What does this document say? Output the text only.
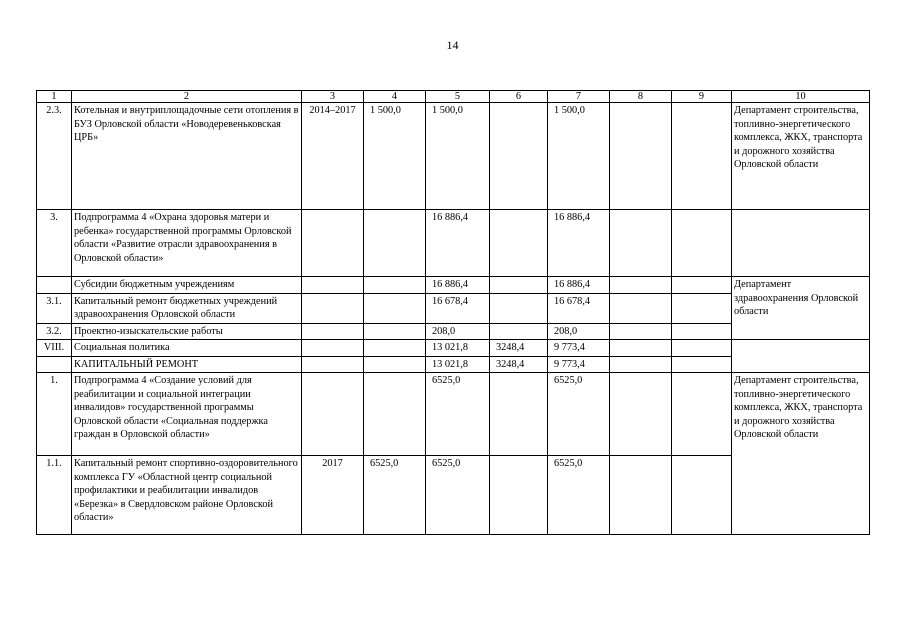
14
1	2	3	4	5	6	7	8	9	10
2.3.	Котельная и внутриплощадочные сети отопления в БУЗ Орловской области «Новодеревеньковская ЦРБ»	2014–2017	1 500,0	1 500,0		1 500,0			Департамент строительства, топливно-энергетического комплекса, ЖКХ, транспорта и дорожного хозяйства Орловской области
3.	Подпрограмма 4 «Охрана здоровья матери и ребенка» государственной программы Орловской области «Развитие отрасли здравоохранения в Орловской области»			16 886,4		16 886,4			
	Субсидии бюджетным учреждениям			16 886,4		16 886,4			Департамент здравоохранения Орловской области
3.1.	Капитальный ремонт бюджетных учреждений здравоохранения Орловской области			16 678,4		16 678,4			
3.2.	Проектно-изыскательские работы			208,0		208,0			
VIII.	Социальная политика			13 021,8	3248,4	9 773,4			
	КАПИТАЛЬНЫЙ РЕМОНТ			13 021,8	3248,4	9 773,4			
1.	Подпрограмма 4 «Создание условий для реабилитации и социальной интеграции инвалидов» государственной программы Орловской области «Социальная поддержка граждан в Орловской области»			6525,0		6525,0			Департамент строительства, топливно-энергетического комплекса, ЖКХ, транспорта и дорожного хозяйства Орловской области
1.1.	Капитальный ремонт спортивно-оздоровительного комплекса ГУ «Областной центр социальной профилактики и реабилитации инвалидов «Березка» в Свердловском районе Орловской области»	2017	6525,0	6525,0		6525,0			
